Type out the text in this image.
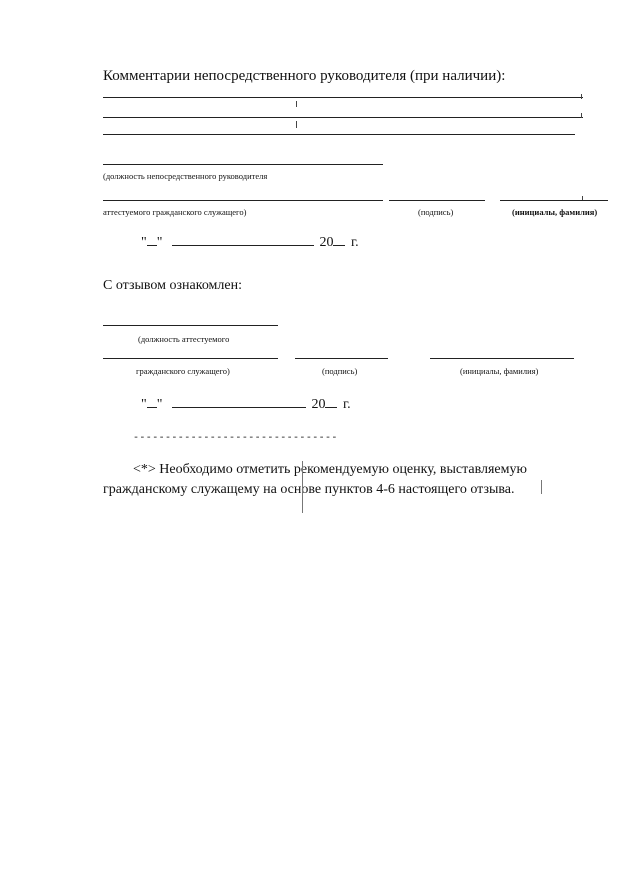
Комментарии непосредственного руководителя (при наличии):
(должность непосредственного руководителя
аттестуемого гражданского служащего)	(подпись)	(инициалы, фамилия)
" "	20 г.
С отзывом ознакомлен:
(должность аттестуемого
гражданского служащего)	(подпись)	(инициалы, фамилия)
" "	20 г.
--------------------------------
<*> Необходимо отметить рекомендуемую оценку, выставляемую
гражданскому служащему на основе пунктов 4-6 настоящего отзыва.
